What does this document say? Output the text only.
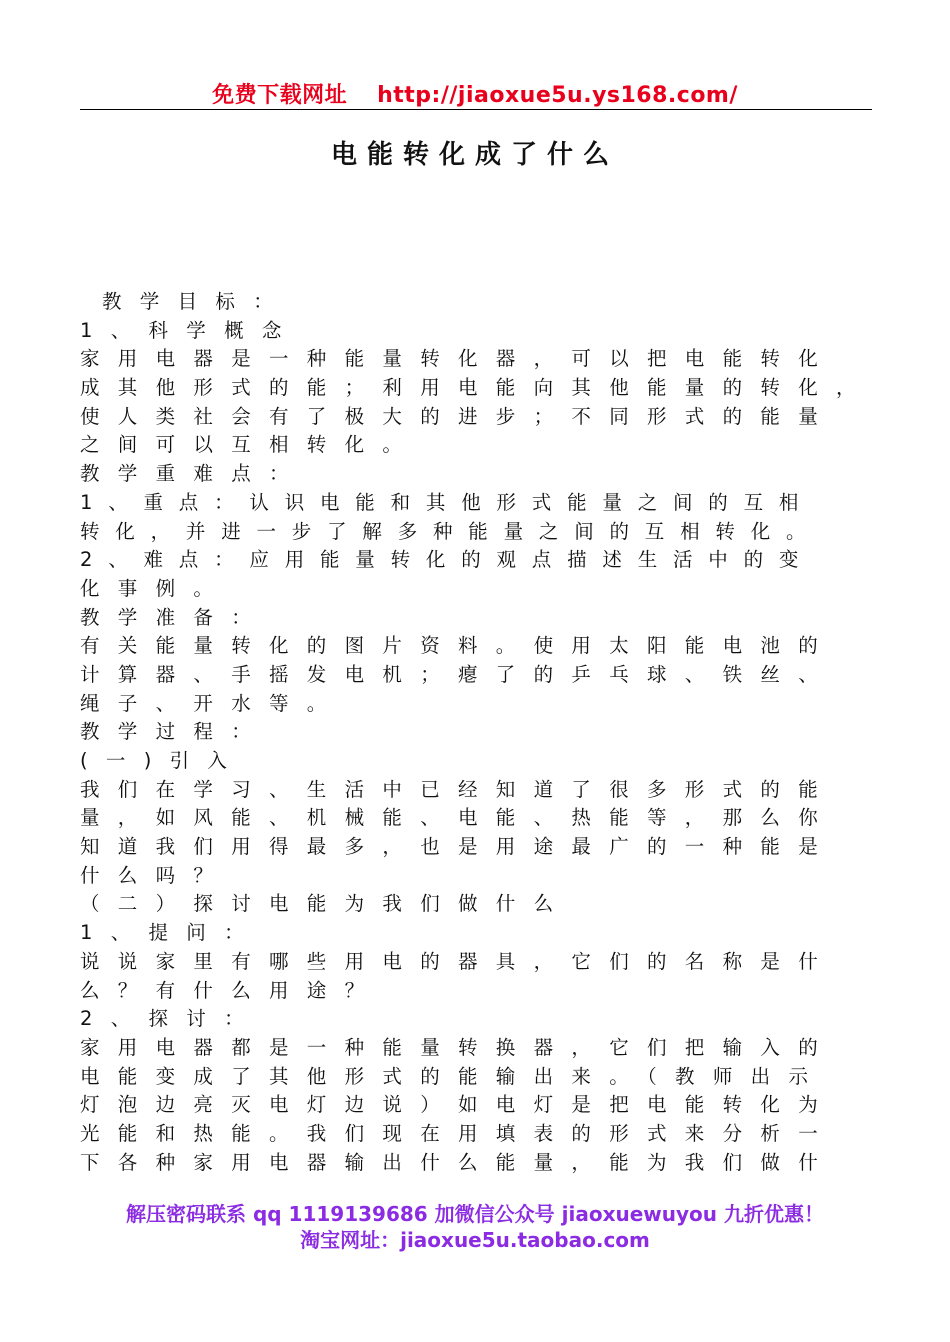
免费下载网址 http://jiaoxue5u.ys168.com/
电能转化成了什么
教学目标：
1、科学概念
家用电器是一种能量转化器，可以把电能转化
成其他形式的能；利用电能向其他能量的转化，
使人类社会有了极大的进步；不同形式的能量
之间可以互相转化。
教学重难点：
1、重点：认识电能和其他形式能量之间的互相
转化，并进一步了解多种能量之间的互相转化。
2、难点：应用能量转化的观点描述生活中的变
化事例。
教学准备：
有关能量转化的图片资料。使用太阳能电池的
计算器、手摇发电机；瘪了的乒乓球、铁丝、
绳子、开水等。
教学过程：
(一)引入
我们在学习、生活中已经知道了很多形式的能
量，如风能、机械能、电能、热能等，那么你
知道我们用得最多，也是用途最广的一种能是
什么吗？
（二）探讨电能为我们做什么
1、提问：
说说家里有哪些用电的器具，它们的名称是什
么？有什么用途？
2、探讨：
家用电器都是一种能量转换器，它们把输入的
电能变成了其他形式的能输出来。（教师出示
灯泡边亮灭电灯边说）如电灯是把电能转化为
光能和热能。我们现在用填表的形式来分析一
下各种家用电器输出什么能量，能为我们做什
解压密码联系 qq 1119139686 加微信公众号 jiaoxuewuyou 九折优惠！
淘宝网址：jiaoxue5u.taobao.com
